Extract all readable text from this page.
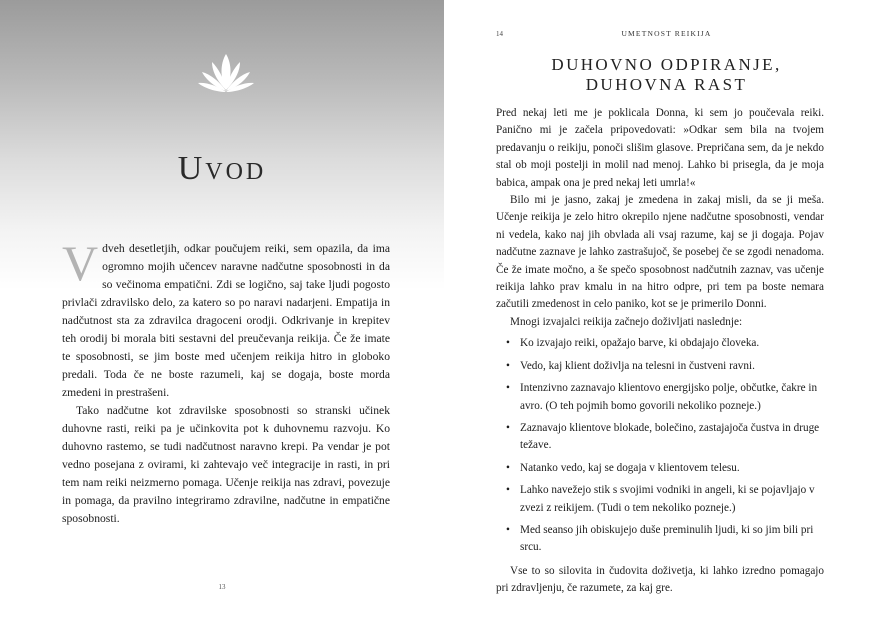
Uvod

Vdveh desetletjih, odkar poučujem reiki, sem opazila, da ima ogromno mojih učencev naravne nadčutne sposobnosti in da so večinoma empatični. Zdi se logično, saj take ljudi pogosto privlači zdravilsko delo, za katero so po naravi nadarjeni. Empatija in nadčutnost sta za zdravilca dragoceni orodji. Odkrivanje in krepitev teh orodij bi morala biti sestavni del preučevanja reikija. Če že imate te sposobnosti, se jim boste med učenjem reikija hitro in globoko predali. Toda če ne boste razumeli, kaj se dogaja, boste morda zmedeni in prestrašeni.

Tako nadčutne kot zdravilske sposobnosti so stranski učinek duhovne rasti, reiki pa je učinkovita pot k duhovnemu razvoju. Ko duhovno rastemo, se tudi nadčutnost naravno krepi. Pa vendar je pot vedno posejana z ovirami, ki zahtevajo več integracije in rasti, in pri tem nam reiki neizmerno pomaga. Učenje reikija nas zdravi, povezuje in pomaga, da pravilno integriramo zdravilne, nadčutne in empatične sposobnosti.

13
14	UMETNOST REIKIJA
DUHOVNO ODPIRANJE,
DUHOVNA RAST

Pred nekaj leti me je poklicala Donna, ki sem jo poučevala reiki. Panično mi je začela pripovedovati: »Odkar sem bila na tvojem predavanju o reikiju, ponoči slišim glasove. Prepričana sem, da je nekdo stal ob moji postelji in molil nad menoj. Lahko bi prisegla, da je moja babica, ampak ona je pred nekaj leti umrla!«

Bilo mi je jasno, zakaj je zmedena in zakaj misli, da se ji meša. Učenje reikija je zelo hitro okrepilo njene nadčutne sposobnosti, vendar ni vedela, kako naj jih obvlada ali vsaj razume, kaj se ji dogaja. Pojav nadčutne zaznave je lahko zastrašujoč, še posebej če se zgodi nenadoma. Če že imate močno, a še spečo sposobnost nadčutnih zaznav, vas učenje reikija lahko prav kmalu in na hitro odpre, pri tem pa boste nemara začutili zmedenost in celo paniko, kot se je primerilo Donni.

Mnogi izvajalci reikija začnejo doživljati naslednje:

• Ko izvajajo reiki, opažajo barve, ki obdajajo človeka.
• Vedo, kaj klient doživlja na telesni in čustveni ravni.
• Intenzivno zaznavajo klientovo energijsko polje, občutke, čakre in avro. (O teh pojmih bomo govorili nekoliko pozneje.)
• Zaznavajo klientove blokade, bolečino, zastajajoča čustva in druge težave.
• Natanko vedo, kaj se dogaja v klientovem telesu.
• Lahko navežejo stik s svojimi vodniki in angeli, ki se pojavljajo v zvezi z reikijem. (Tudi o tem nekoliko pozneje.)
• Med seanso jih obiskujejo duše preminulih ljudi, ki so jim bili pri srcu.

Vse to so silovita in čudovita doživetja, ki lahko izredno pomagajo pri zdravljenju, če razumete, za kaj gre.
